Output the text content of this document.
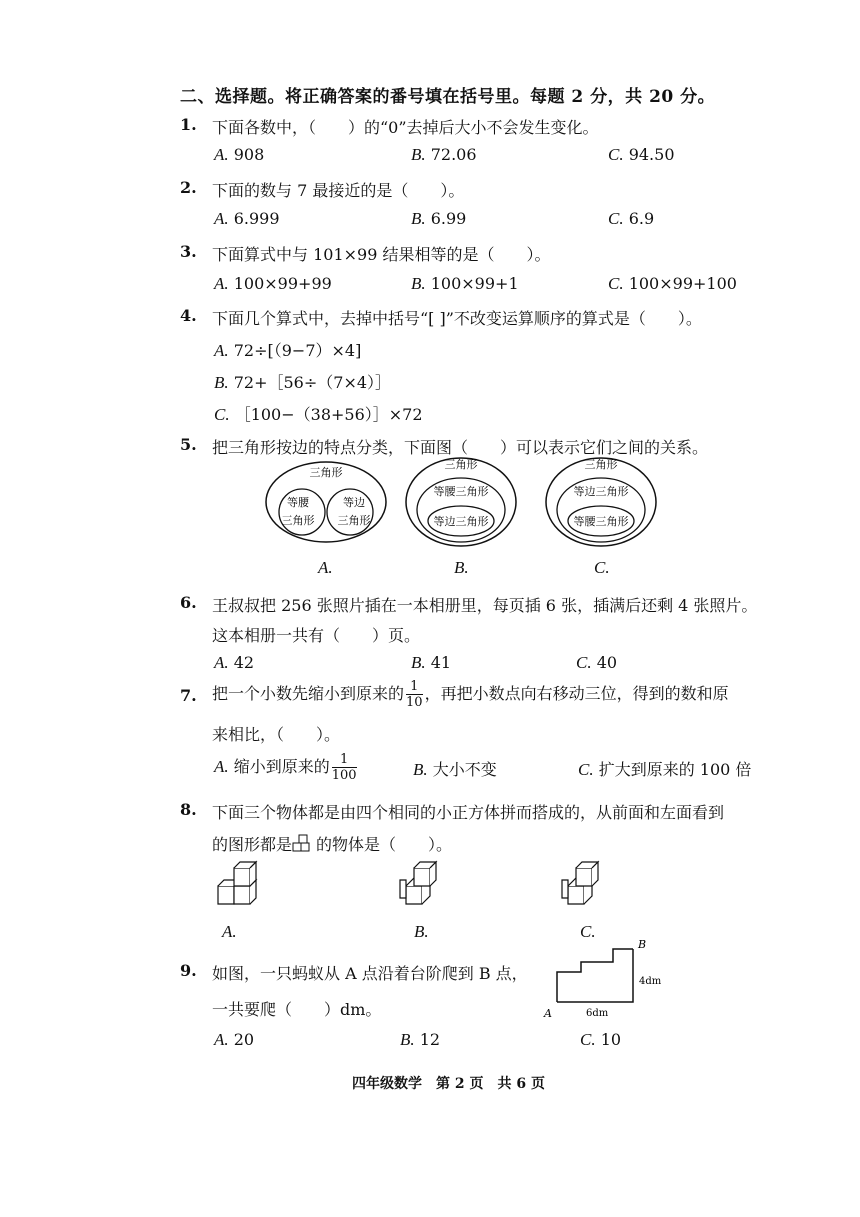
二、选择题。将正确答案的番号填在括号里。每题 2 分，共 20 分。
1. 下面各数中，（　　）的“0”去掉后大小不会发生变化。
A. 908	B. 72.06	C. 94.50
2. 下面的数与 7 最接近的是（　　）。
A. 6.999	B. 6.99	C. 6.9
3. 下面算式中与 101×99 结果相等的是（　　）。
A. 100×99+99	B. 100×99+1	C. 100×99+100
4. 下面几个算式中，去掉中括号“[ ]”不改变运算顺序的算式是（　　）。
A. 72÷[（9−7）×4]
B. 72+［56÷（7×4）］
C. ［100−（38+56）］×72
5. 把三角形按边的特点分类，下面图（　　）可以表示它们之间的关系。
三角形
等腰
三角形
等边
三角形
三角形
等腰三角形
等边三角形
三角形
等边三角形
等腰三角形
A.	B.	C.
6. 王叔叔把 256 张照片插在一本相册里，每页插 6 张，插满后还剩 4 张照片。
这本相册一共有（　　）页。
A. 42	B. 41	C. 40
7. 把一个小数先缩小到原来的 $\frac{1}{10}$ ，再把小数点向右移动三位，得到的数和原
来相比，（　　）。
A. 缩小到原来的 $\frac{1}{100}$	B. 大小不变	C. 扩大到原来的 100 倍
8. 下面三个物体都是由四个相同的小正方体拼而搭成的，从前面和左面看到
的图形都是 的物体是（　　）。
A.	B.	C.
9. 如图，一只蚂蚁从 A 点沿着台阶爬到 B 点，
一共要爬（　　）dm。
B
A
4dm
6dm
A. 20	B. 12	C. 10
四年级数学　第 2 页　共 6 页
